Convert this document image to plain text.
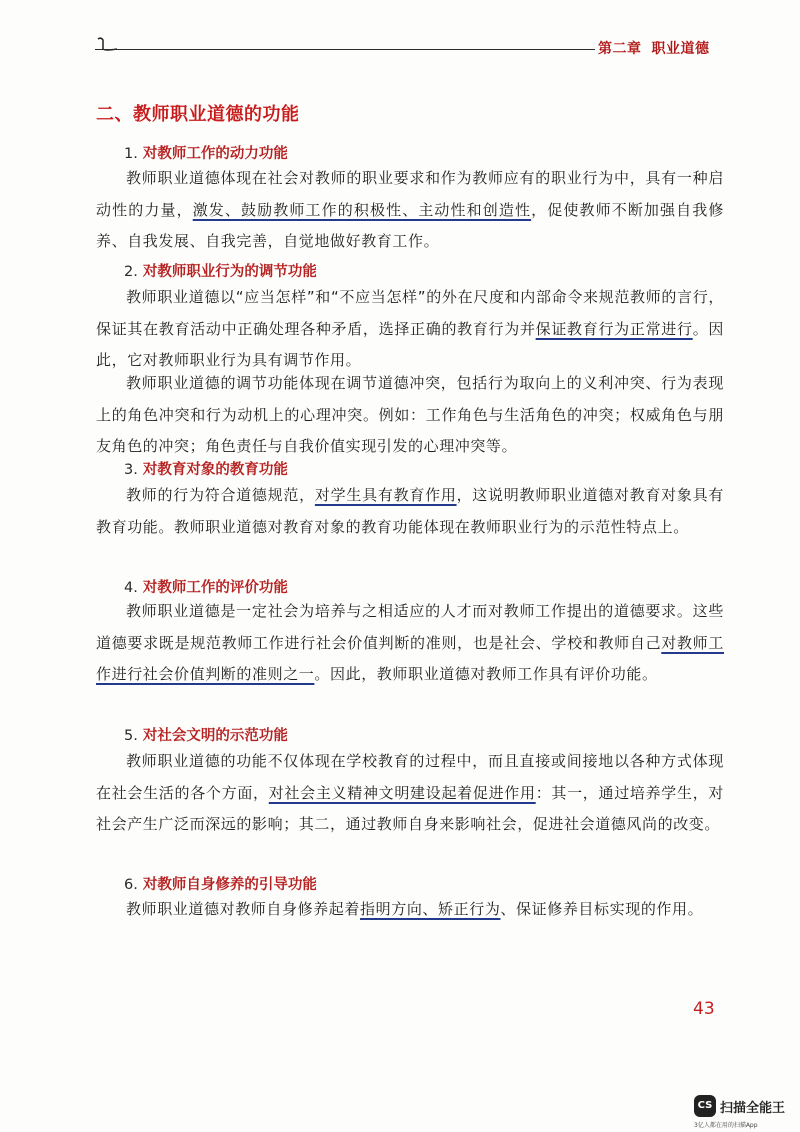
第二章 职业道德
二、教师职业道德的功能
1. 对教师工作的动力功能
教师职业道德体现在社会对教师的职业要求和作为教师应有的职业行为中，具有一种启动性的力量，激发、鼓励教师工作的积极性、主动性和创造性，促使教师不断加强自我修养、自我发展、自我完善，自觉地做好教育工作。
2. 对教师职业行为的调节功能
教师职业道德以“应当怎样”和“不应当怎样”的外在尺度和内部命令来规范教师的言行，保证其在教育活动中正确处理各种矛盾，选择正确的教育行为并保证教育行为正常进行。因此，它对教师职业行为具有调节作用。
教师职业道德的调节功能体现在调节道德冲突，包括行为取向上的义利冲突、行为表现上的角色冲突和行为动机上的心理冲突。例如：工作角色与生活角色的冲突；权威角色与朋友角色的冲突；角色责任与自我价值实现引发的心理冲突等。
3. 对教育对象的教育功能
教师的行为符合道德规范，对学生具有教育作用，这说明教师职业道德对教育对象具有教育功能。教师职业道德对教育对象的教育功能体现在教师职业行为的示范性特点上。
4. 对教师工作的评价功能
教师职业道德是一定社会为培养与之相适应的人才而对教师工作提出的道德要求。这些道德要求既是规范教师工作进行社会价值判断的准则，也是社会、学校和教师自己对教师工作进行社会价值判断的准则之一。因此，教师职业道德对教师工作具有评价功能。
5. 对社会文明的示范功能
教师职业道德的功能不仅体现在学校教育的过程中，而且直接或间接地以各种方式体现在社会生活的各个方面，对社会主义精神文明建设起着促进作用：其一，通过培养学生，对社会产生广泛而深远的影响；其二，通过教师自身来影响社会，促进社会道德风尚的改变。
6. 对教师自身修养的引导功能
教师职业道德对教师自身修养起着指明方向、矫正行为、保证修养目标实现的作用。
43
CS 扫描全能王
3亿人都在用的扫描App
